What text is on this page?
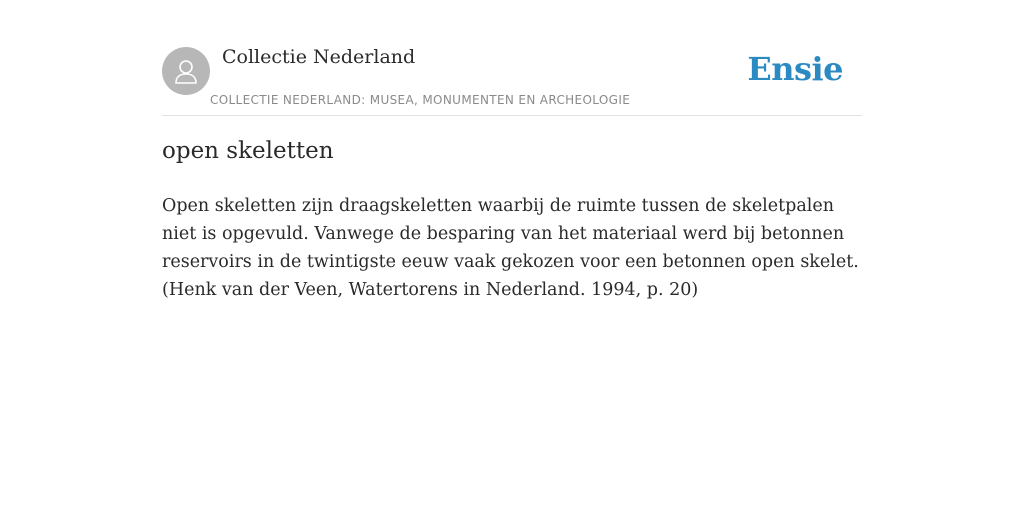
Collectie Nederland
COLLECTIE NEDERLAND: MUSEA, MONUMENTEN EN ARCHEOLOGIE
Ensie
open skeletten

Open skeletten zijn draagskeletten waarbij de ruimte tussen de skeletpalen niet is opgevuld. Vanwege de besparing van het materiaal werd bij betonnen reservoirs in de twintigste eeuw vaak gekozen voor een betonnen open skelet. (Henk van der Veen, Watertorens in Nederland. 1994, p. 20)
